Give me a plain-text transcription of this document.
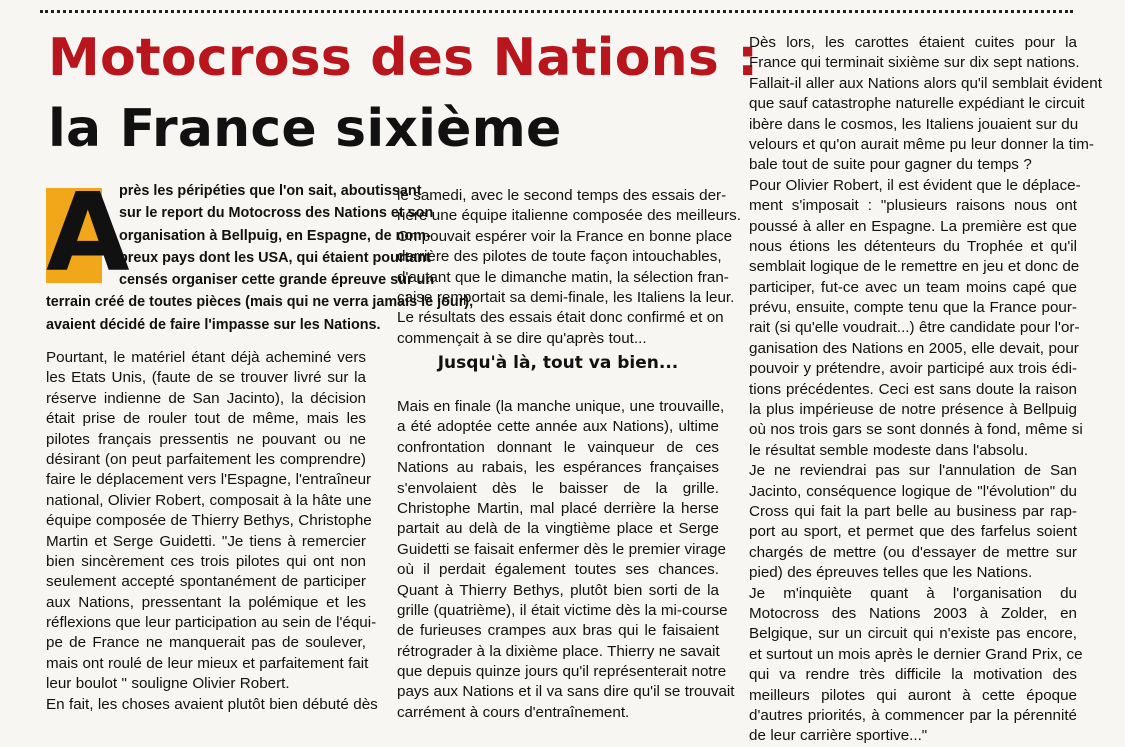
Motocross des Nations :
la France sixième
A
près les péripéties que l'on sait, aboutissant
sur le report du Motocross des Nations et son
organisation à Bellpuig, en Espagne, de nom-
breux pays dont les USA, qui étaient pourtant
censés organiser cette grande épreuve sur un
terrain créé de toutes pièces (mais qui ne verra jamais le jour),
avaient décidé de faire l'impasse sur les Nations.
Pourtant, le matériel étant déjà acheminé vers
les Etats Unis, (faute de se trouver livré sur la
réserve indienne de San Jacinto), la décision
était prise de rouler tout de même, mais les
pilotes français pressentis ne pouvant ou ne
désirant (on peut parfaitement les comprendre)
faire le déplacement vers l'Espagne, l'entraîneur
national, Olivier Robert, composait à la hâte une
équipe composée de Thierry Bethys, Christophe
Martin et Serge Guidetti. "Je tiens à remercier
bien sincèrement ces trois pilotes qui ont non
seulement accepté spontanément de participer
aux Nations, pressentant la polémique et les
réflexions que leur participation au sein de l'équi-
pe de France ne manquerait pas de soulever,
mais ont roulé de leur mieux et parfaitement fait
leur boulot " souligne Olivier Robert.
En fait, les choses avaient plutôt bien débuté dès
le samedi, avec le second temps des essais der-
rière une équipe italienne composée des meilleurs.
On pouvait espérer voir la France en bonne place
derrière des pilotes de toute façon intouchables,
d'autant que le dimanche matin, la sélection fran-
çaise remportait sa demi-finale, les Italiens la leur.
Le résultats des essais était donc confirmé et on
commençait à se dire qu'après tout...
Jusqu'à là, tout va bien...
Mais en finale (la manche unique, une trouvaille,
a été adoptée cette année aux Nations), ultime
confrontation donnant le vainqueur de ces
Nations au rabais, les espérances françaises
s'envolaient dès le baisser de la grille.
Christophe Martin, mal placé derrière la herse
partait au delà de la vingtième place et Serge
Guidetti se faisait enfermer dès le premier virage
où il perdait également toutes ses chances.
Quant à Thierry Bethys, plutôt bien sorti de la
grille (quatrième), il était victime dès la mi-course
de furieuses crampes aux bras qui le faisaient
rétrograder à la dixième place. Thierry ne savait
que depuis quinze jours qu'il représenterait notre
pays aux Nations et il va sans dire qu'il se trouvait
carrément à cours d'entraînement.
Dès lors, les carottes étaient cuites pour la
France qui terminait sixième sur dix sept nations.
Fallait-il aller aux Nations alors qu'il semblait évident
que sauf catastrophe naturelle expédiant le circuit
ibère dans le cosmos, les Italiens jouaient sur du
velours et qu'on aurait même pu leur donner la tim-
bale tout de suite pour gagner du temps ?
Pour Olivier Robert, il est évident que le déplace-
ment s'imposait : "plusieurs raisons nous ont
poussé à aller en Espagne. La première est que
nous étions les détenteurs du Trophée et qu'il
semblait logique de le remettre en jeu et donc de
participer, fut-ce avec un team moins capé que
prévu, ensuite, compte tenu que la France pour-
rait (si qu'elle voudrait...) être candidate pour l'or-
ganisation des Nations en 2005, elle devait, pour
pouvoir y prétendre, avoir participé aux trois édi-
tions précédentes. Ceci est sans doute la raison
la plus impérieuse de notre présence à Bellpuig
où nos trois gars se sont donnés à fond, même si
le résultat semble modeste dans l'absolu.
Je ne reviendrai pas sur l'annulation de San
Jacinto, conséquence logique de "l'évolution" du
Cross qui fait la part belle au business par rap-
port au sport, et permet que des farfelus soient
chargés de mettre (ou d'essayer de mettre sur
pied) des épreuves telles que les Nations.
Je m'inquiète quant à l'organisation du
Motocross des Nations 2003 à Zolder, en
Belgique, sur un circuit qui n'existe pas encore,
et surtout un mois après le dernier Grand Prix, ce
qui va rendre très difficile la motivation des
meilleurs pilotes qui auront à cette époque
d'autres priorités, à commencer par la pérennité
de leur carrière sportive..."
